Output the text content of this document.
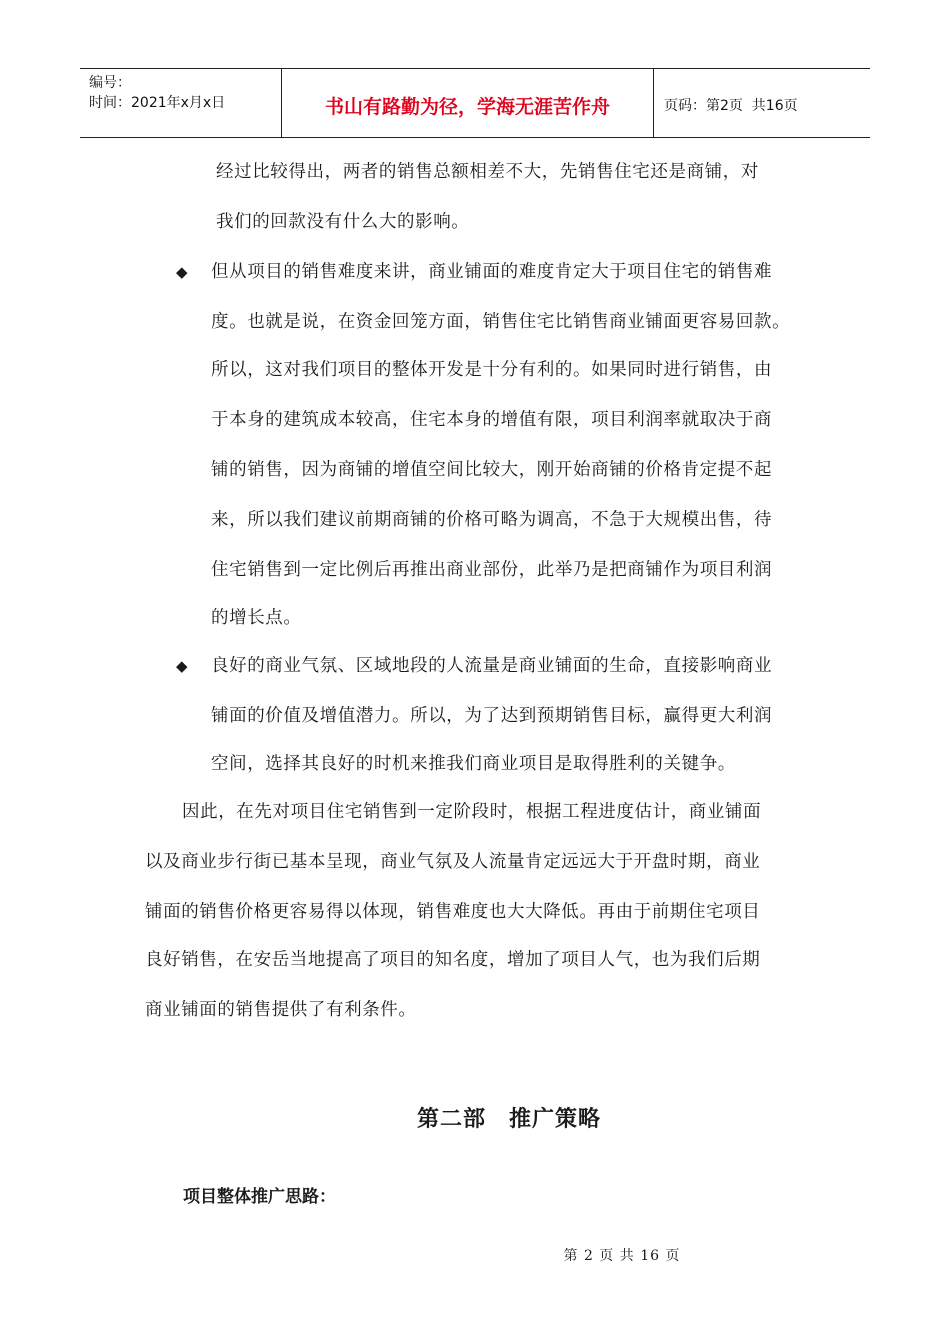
编号：
时间：2021年x月x日	书山有路勤为径，学海无涯苦作舟	页码：第2页  共16页
经过比较得出，两者的销售总额相差不大，先销售住宅还是商铺，对
我们的回款没有什么大的影响。
◆ 但从项目的销售难度来讲，商业铺面的难度肯定大于项目住宅的销售难
度。也就是说，在资金回笼方面，销售住宅比销售商业铺面更容易回款。
所以，这对我们项目的整体开发是十分有利的。如果同时进行销售，由
于本身的建筑成本较高，住宅本身的增值有限，项目利润率就取决于商
铺的销售，因为商铺的增值空间比较大，刚开始商铺的价格肯定提不起
来，所以我们建议前期商铺的价格可略为调高，不急于大规模出售，待
住宅销售到一定比例后再推出商业部份，此举乃是把商铺作为项目利润
的增长点。
◆ 良好的商业气氛、区域地段的人流量是商业铺面的生命，直接影响商业
铺面的价值及增值潜力。所以，为了达到预期销售目标，赢得更大利润
空间，选择其良好的时机来推我们商业项目是取得胜利的关键争。
因此，在先对项目住宅销售到一定阶段时，根据工程进度估计，商业铺面
以及商业步行街已基本呈现，商业气氛及人流量肯定远远大于开盘时期，商业
铺面的销售价格更容易得以体现，销售难度也大大降低。再由于前期住宅项目
良好销售，在安岳当地提高了项目的知名度，增加了项目人气，也为我们后期
商业铺面的销售提供了有利条件。
第二部　推广策略
项目整体推广思路：
第 2 页 共 16 页
